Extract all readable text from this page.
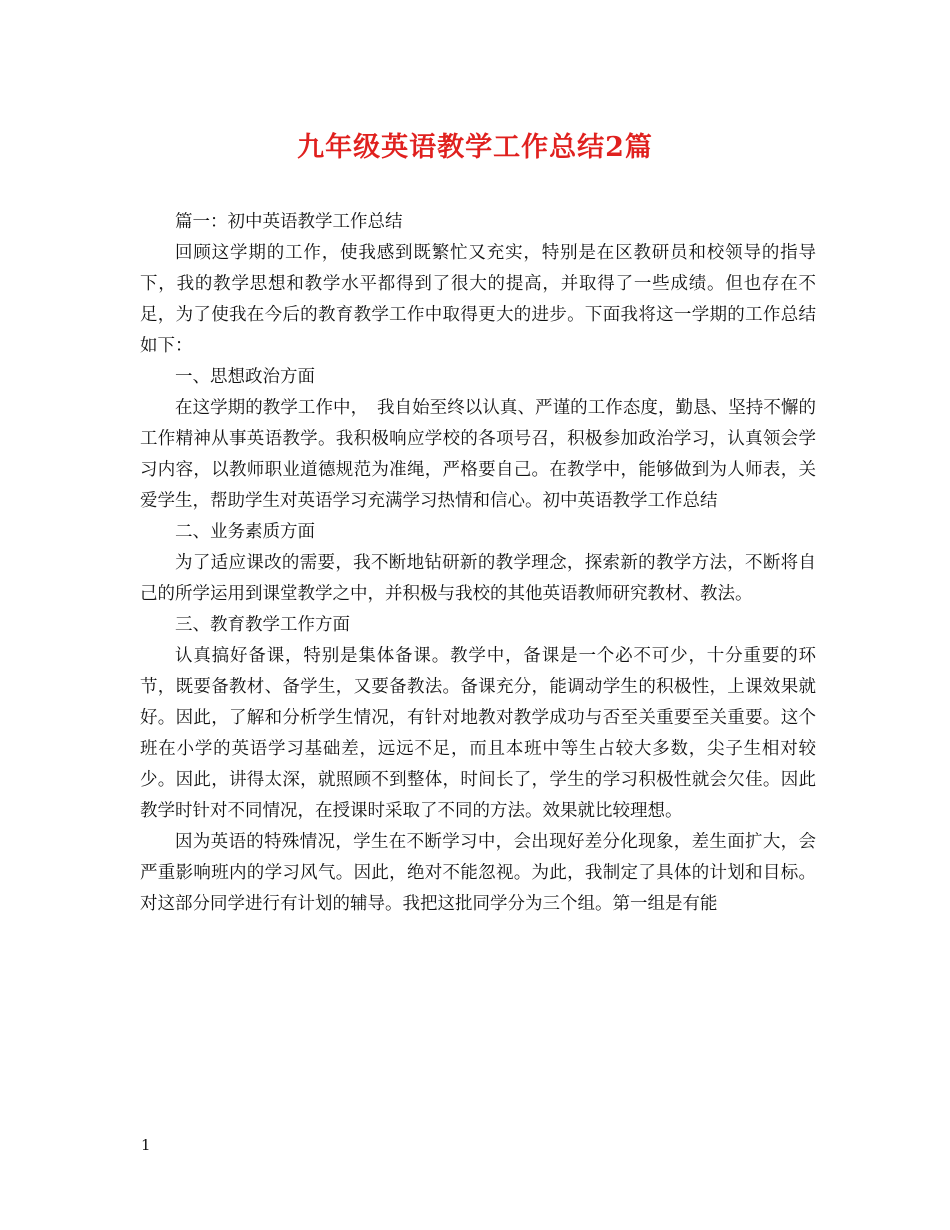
九年级英语教学工作总结2篇

篇一：初中英语教学工作总结

回顾这学期的工作，使我感到既繁忙又充实，特别是在区教研员和校领导的指导下，我的教学思想和教学水平都得到了很大的提高，并取得了一些成绩。但也存在不足，为了使我在今后的教育教学工作中取得更大的进步。下面我将这一学期的工作总结如下：

一、思想政治方面

在这学期的教学工作中，　我自始至终以认真、严谨的工作态度，勤恳、坚持不懈的工作精神从事英语教学。我积极响应学校的各项号召，积极参加政治学习，认真领会学习内容，以教师职业道德规范为准绳，严格要自己。在教学中，能够做到为人师表，关爱学生，帮助学生对英语学习充满学习热情和信心。初中英语教学工作总结

二、业务素质方面

为了适应课改的需要，我不断地钻研新的教学理念，探索新的教学方法，不断将自己的所学运用到课堂教学之中，并积极与我校的其他英语教师研究教材、教法。

三、教育教学工作方面

认真搞好备课，特别是集体备课。教学中，备课是一个必不可少，十分重要的环节，既要备教材、备学生，又要备教法。备课充分，能调动学生的积极性，上课效果就好。因此，了解和分析学生情况，有针对地教对教学成功与否至关重要至关重要。这个班在小学的英语学习基础差，远远不足，而且本班中等生占较大多数，尖子生相对较少。因此，讲得太深，就照顾不到整体，时间长了，学生的学习积极性就会欠佳。因此教学时针对不同情况，在授课时采取了不同的方法。效果就比较理想。

因为英语的特殊情况，学生在不断学习中，会出现好差分化现象，差生面扩大，会严重影响班内的学习风气。因此，绝对不能忽视。为此，我制定了具体的计划和目标。对这部分同学进行有计划的辅导。我把这批同学分为三个组。第一组是有能

1
